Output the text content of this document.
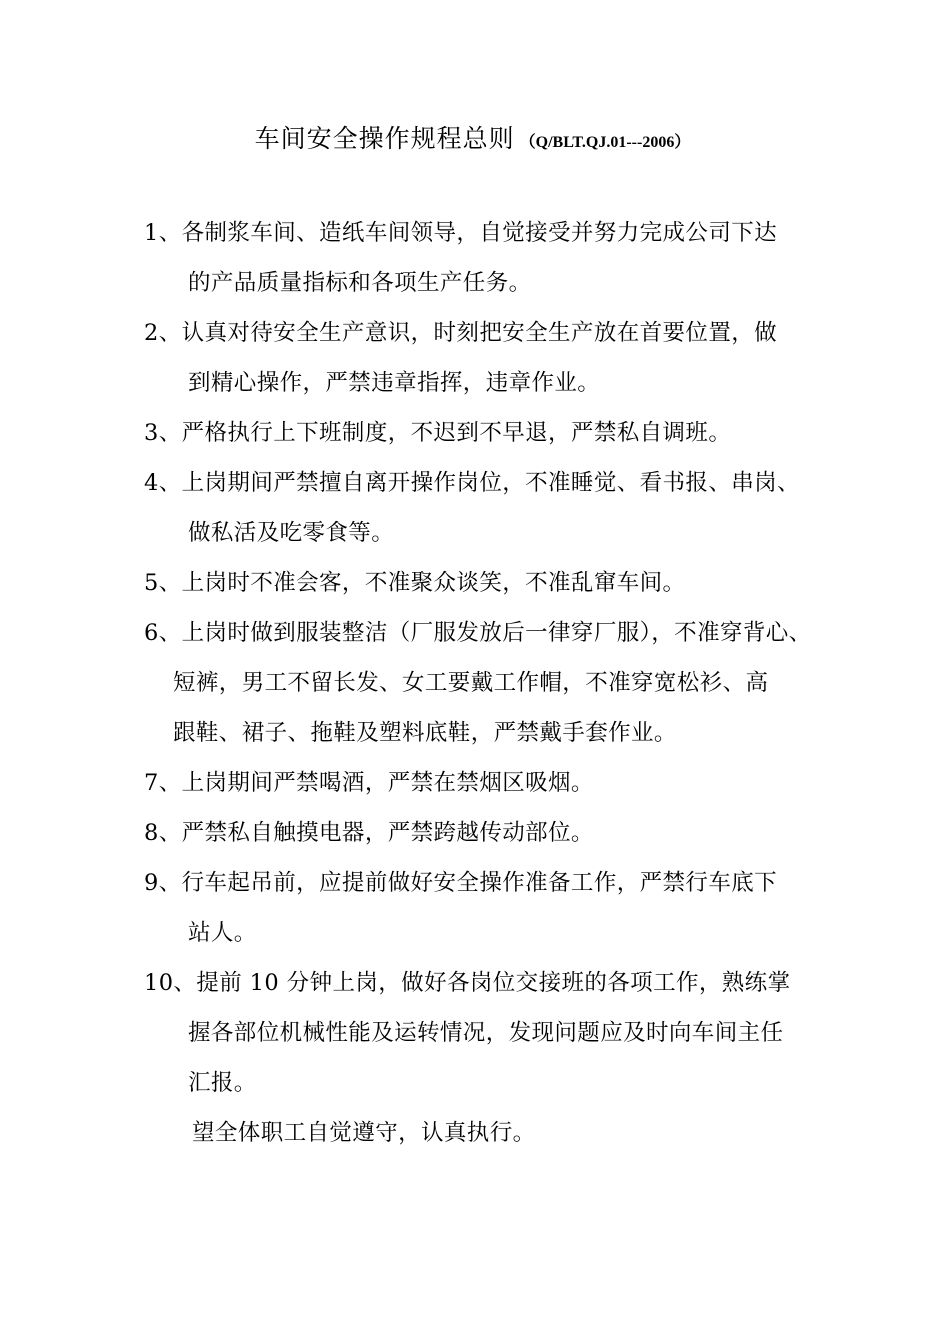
车间安全操作规程总则 （Q/BLT.QJ.01---2006）
1、各制浆车间、造纸车间领导，自觉接受并努力完成公司下达
的产品质量指标和各项生产任务。
2、认真对待安全生产意识，时刻把安全生产放在首要位置，做
到精心操作，严禁违章指挥，违章作业。
3、严格执行上下班制度，不迟到不早退，严禁私自调班。
4、上岗期间严禁擅自离开操作岗位，不准睡觉、看书报、串岗、
做私活及吃零食等。
5、上岗时不准会客，不准聚众谈笑，不准乱窜车间。
6、上岗时做到服装整洁（厂服发放后一律穿厂服），不准穿背心、
短裤，男工不留长发、女工要戴工作帽，不准穿宽松衫、高
跟鞋、裙子、拖鞋及塑料底鞋，严禁戴手套作业。
7、上岗期间严禁喝酒，严禁在禁烟区吸烟。
8、严禁私自触摸电器，严禁跨越传动部位。
9、行车起吊前，应提前做好安全操作准备工作，严禁行车底下
站人。
10、提前 10 分钟上岗，做好各岗位交接班的各项工作，熟练掌
握各部位机械性能及运转情况，发现问题应及时向车间主任
汇报。
望全体职工自觉遵守，认真执行。
